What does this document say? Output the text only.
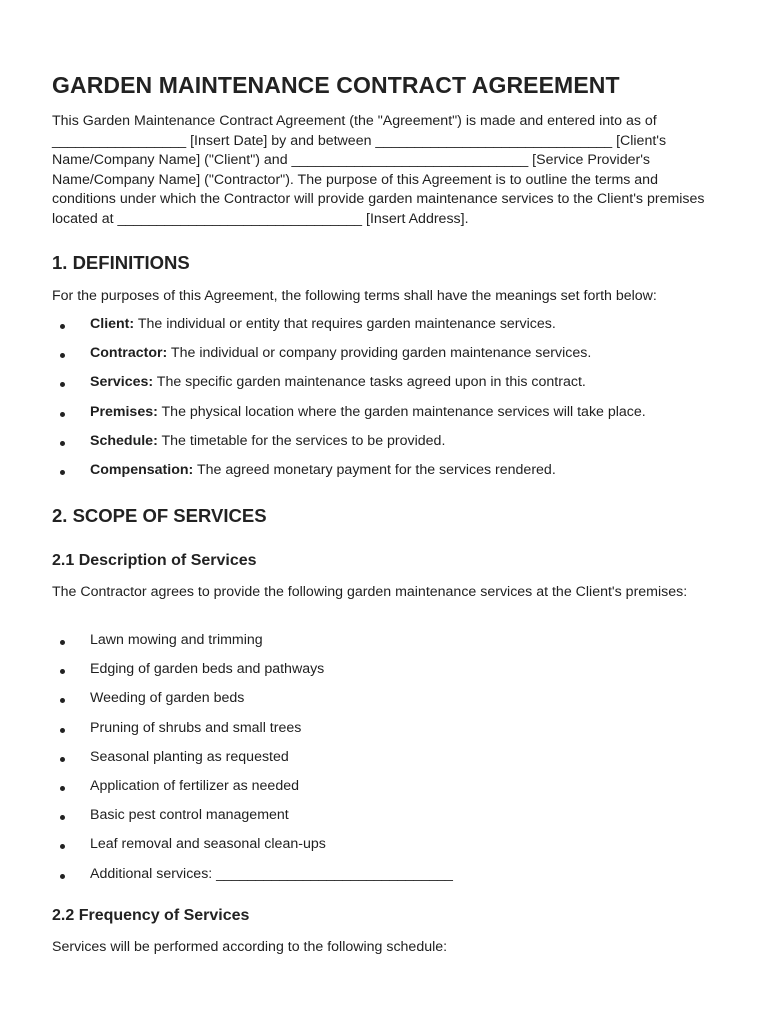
GARDEN MAINTENANCE CONTRACT AGREEMENT

This Garden Maintenance Contract Agreement (the "Agreement") is made and entered into as of _________________ [Insert Date] by and between ______________________________ [Client's Name/Company Name] ("Client") and ______________________________ [Service Provider's Name/Company Name] ("Contractor"). The purpose of this Agreement is to outline the terms and conditions under which the Contractor will provide garden maintenance services to the Client's premises located at _______________________________ [Insert Address].

1. DEFINITIONS

For the purposes of this Agreement, the following terms shall have the meanings set forth below:

Client: The individual or entity that requires garden maintenance services.
Contractor: The individual or company providing garden maintenance services.
Services: The specific garden maintenance tasks agreed upon in this contract.
Premises: The physical location where the garden maintenance services will take place.
Schedule: The timetable for the services to be provided.
Compensation: The agreed monetary payment for the services rendered.
2. SCOPE OF SERVICES
2.1 Description of Services

The Contractor agrees to provide the following garden maintenance services at the Client's premises:

Lawn mowing and trimming
Edging of garden beds and pathways
Weeding of garden beds
Pruning of shrubs and small trees
Seasonal planting as requested
Application of fertilizer as needed
Basic pest control management
Leaf removal and seasonal clean-ups
Additional services: ______________________________
2.2 Frequency of Services

Services will be performed according to the following schedule:
